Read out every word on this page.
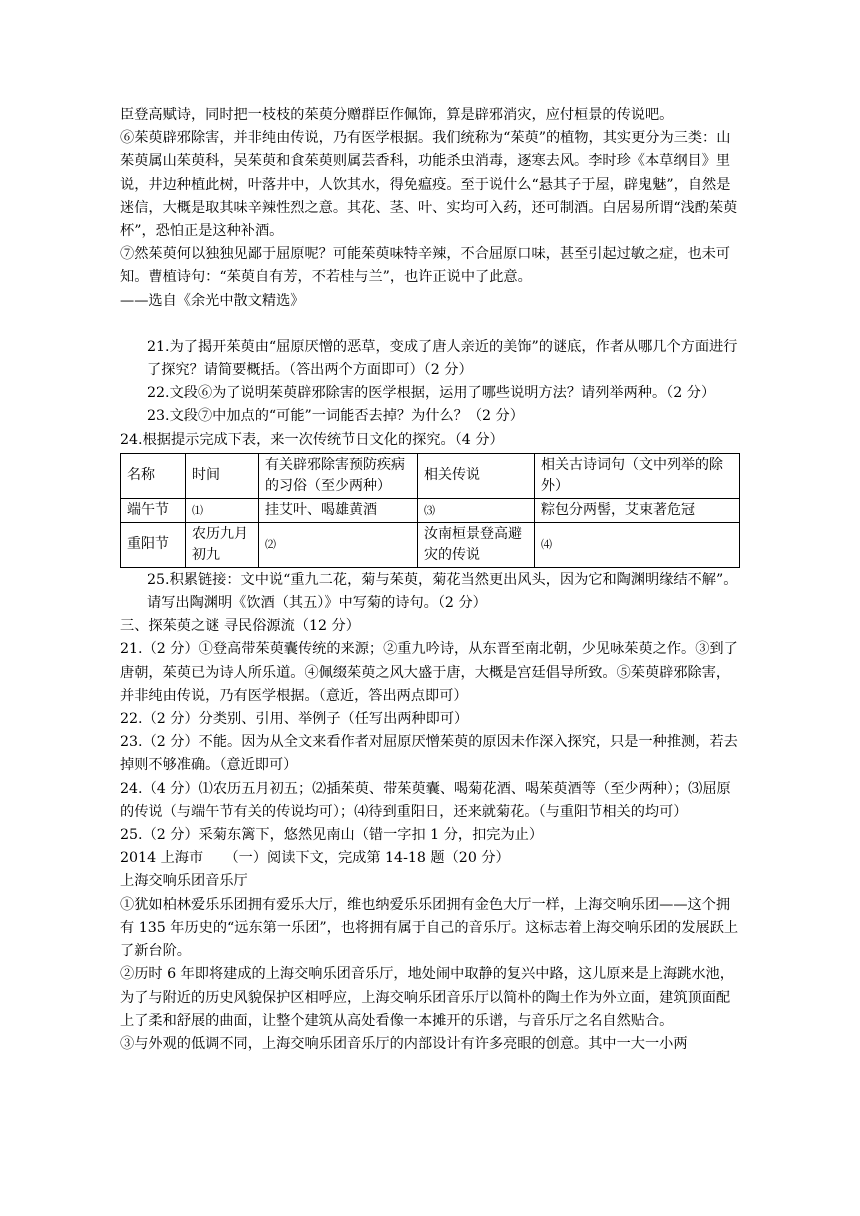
臣登高赋诗，同时把一枝枝的茱萸分赠群臣作佩饰，算是辟邪消灾，应付桓景的传说吧。

⑥茱萸辟邪除害，并非纯由传说，乃有医学根据。我们统称为“茱萸”的植物，其实更分为三类：山茱萸属山茱萸科，吴茱萸和食茱萸则属芸香科，功能杀虫消毒，逐寒去风。李时珍《本草纲目》里说，井边种植此树，叶落井中，人饮其水，得免瘟疫。至于说什么“悬其子于屋，辟鬼魅”，自然是迷信，大概是取其味辛辣性烈之意。其花、茎、叶、实均可入药，还可制酒。白居易所谓“浅酌茱萸杯”，恐怕正是这种补酒。

⑦然茱萸何以独独见鄙于屈原呢？可能茱萸味特辛辣，不合屈原口味，甚至引起过敏之症，也未可知。曹植诗句：“茱萸自有芳，不若桂与兰”，也许正说中了此意。

——选自《余光中散文精选》

21.为了揭开茱萸由“屈原厌憎的恶草，变成了唐人亲近的美饰”的谜底，作者从哪几个方面进行了探究？请简要概括。（答出两个方面即可）（2 分）

22.文段⑥为了说明茱萸辟邪除害的医学根据，运用了哪些说明方法？请列举两种。（2 分）

23.文段⑦中加点的“可能”一词能否去掉？为什么？（2 分）

24.根据提示完成下表，来一次传统节日文化的探究。（4 分）

名称	时间	有关辟邪除害预防疾病的习俗（至少两种）	相关传说	相关古诗词句（文中列举的除外）
端午节	⑴	挂艾叶、喝雄黄酒	⑶	粽包分两髻，艾束著危冠
重阳节	农历九月初九	⑵	汝南桓景登高避灾的传说	⑷

25.积累链接：文中说“重九二花，菊与茱萸，菊花当然更出风头，因为它和陶渊明缘结不解”。请写出陶渊明《饮酒（其五）》中写菊的诗句。（2 分）

三、探茱萸之谜 寻民俗源流（12 分）

21.（2 分）①登高带茱萸囊传统的来源；②重九吟诗，从东晋至南北朝，少见咏茱萸之作。③到了唐朝，茱萸已为诗人所乐道。④佩缀茱萸之风大盛于唐，大概是宫廷倡导所致。⑤茱萸辟邪除害，并非纯由传说，乃有医学根据。（意近，答出两点即可）

22.（2 分）分类别、引用、举例子（任写出两种即可）

23.（2 分）不能。因为从全文来看作者对屈原厌憎茱萸的原因未作深入探究，只是一种推测，若去掉则不够准确。（意近即可）

24.（4 分）⑴农历五月初五；⑵插茱萸、带茱萸囊、喝菊花酒、喝茱萸酒等（至少两种）；⑶屈原的传说（与端午节有关的传说均可）；⑷待到重阳日，还来就菊花。（与重阳节相关的均可）

25.（2 分）采菊东篱下，悠然见南山（错一字扣 1 分，扣完为止）

2014 上海市　　（一）阅读下文，完成第 14-18 题（20 分）

上海交响乐团音乐厅

①犹如柏林爱乐乐团拥有爱乐大厅，维也纳爱乐乐团拥有金色大厅一样，上海交响乐团——这个拥有 135 年历史的“远东第一乐团”，也将拥有属于自己的音乐厅。这标志着上海交响乐团的发展跃上了新台阶。

②历时 6 年即将建成的上海交响乐团音乐厅，地处闹中取静的复兴中路，这儿原来是上海跳水池，为了与附近的历史风貌保护区相呼应，上海交响乐团音乐厅以简朴的陶土作为外立面，建筑顶面配上了柔和舒展的曲面，让整个建筑从高处看像一本摊开的乐谱，与音乐厅之名自然贴合。

③与外观的低调不同，上海交响乐团音乐厅的内部设计有许多亮眼的创意。其中一大一小两
